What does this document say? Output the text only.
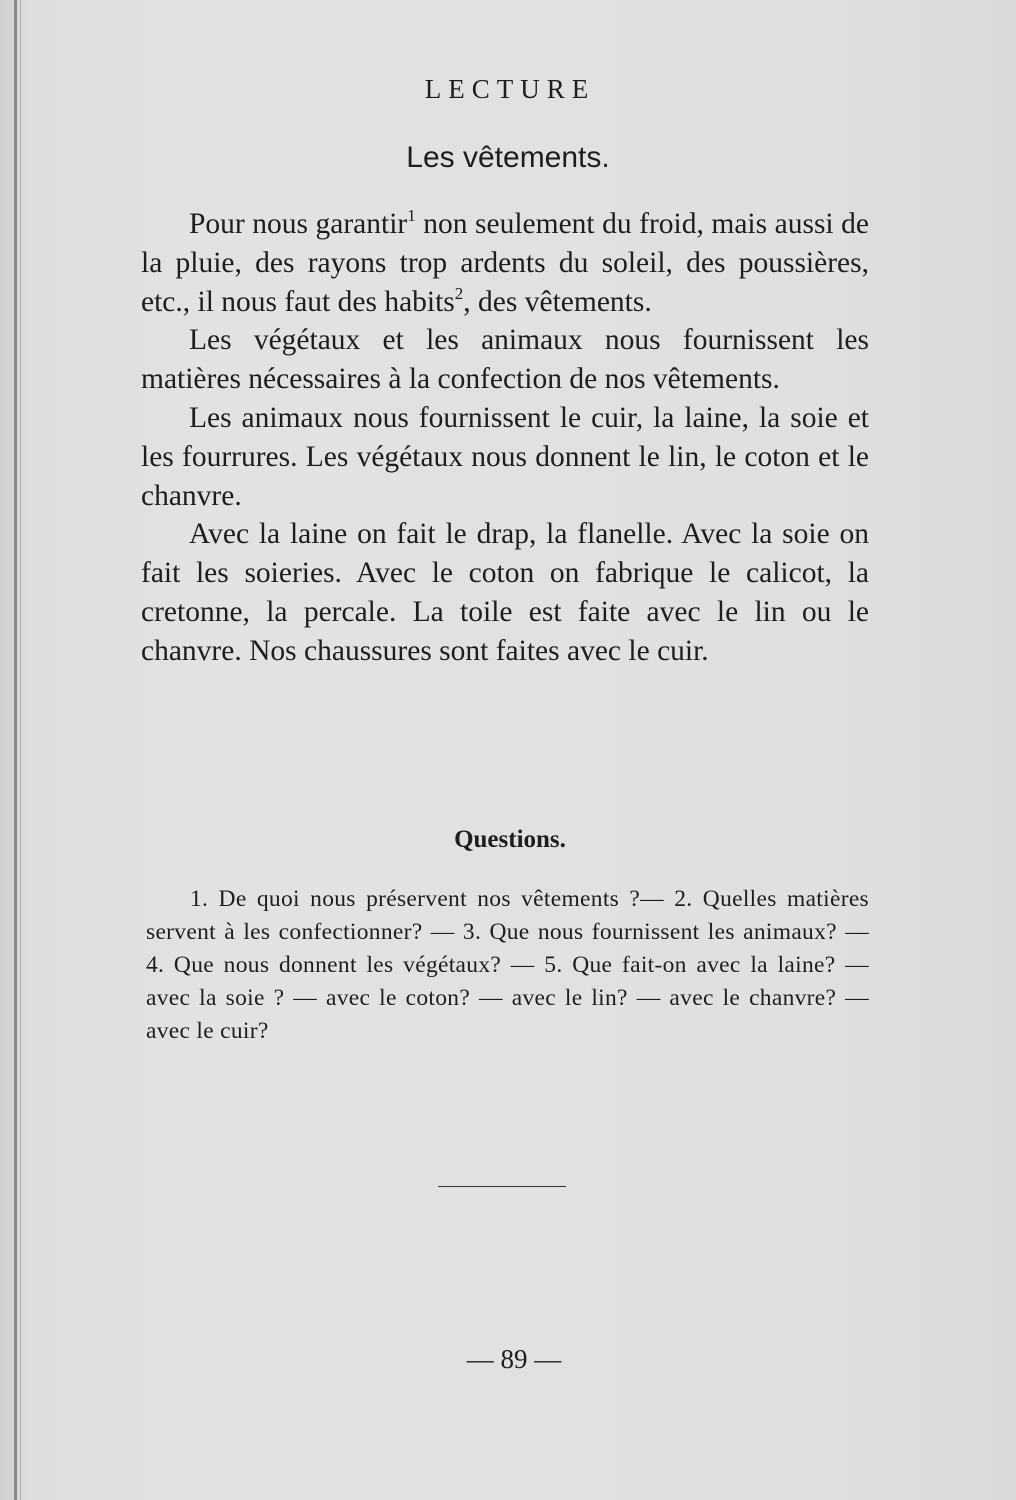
LECTURE
Les vêtements.

Pour nous garantir$^1$ non seulement du froid, mais aussi de la pluie, des rayons trop ardents du soleil, des poussières, etc., il nous faut des habits$^2$, des vêtements.

Les végétaux et les animaux nous fournissent les matières nécessaires à la confection de nos vêtements.

Les animaux nous fournissent le cuir, la laine, la soie et les fourrures. Les végétaux nous donnent le lin, le coton et le chanvre.

Avec la laine on fait le drap, la flanelle. Avec la soie on fait les soieries. Avec le coton on fabrique le calicot, la cretonne, la percale. La toile est faite avec le lin ou le chanvre. Nos chaussures sont faites avec le cuir.

Questions.

1. De quoi nous préservent nos vêtements ?— 2. Quelles matières servent à les confectionner? — 3. Que nous fournissent les animaux? — 4. Que nous donnent les végétaux? — 5. Que fait-on avec la laine? — avec la soie ? — avec le coton? — avec le lin? — avec le chanvre? — avec le cuir?

— 89 —
